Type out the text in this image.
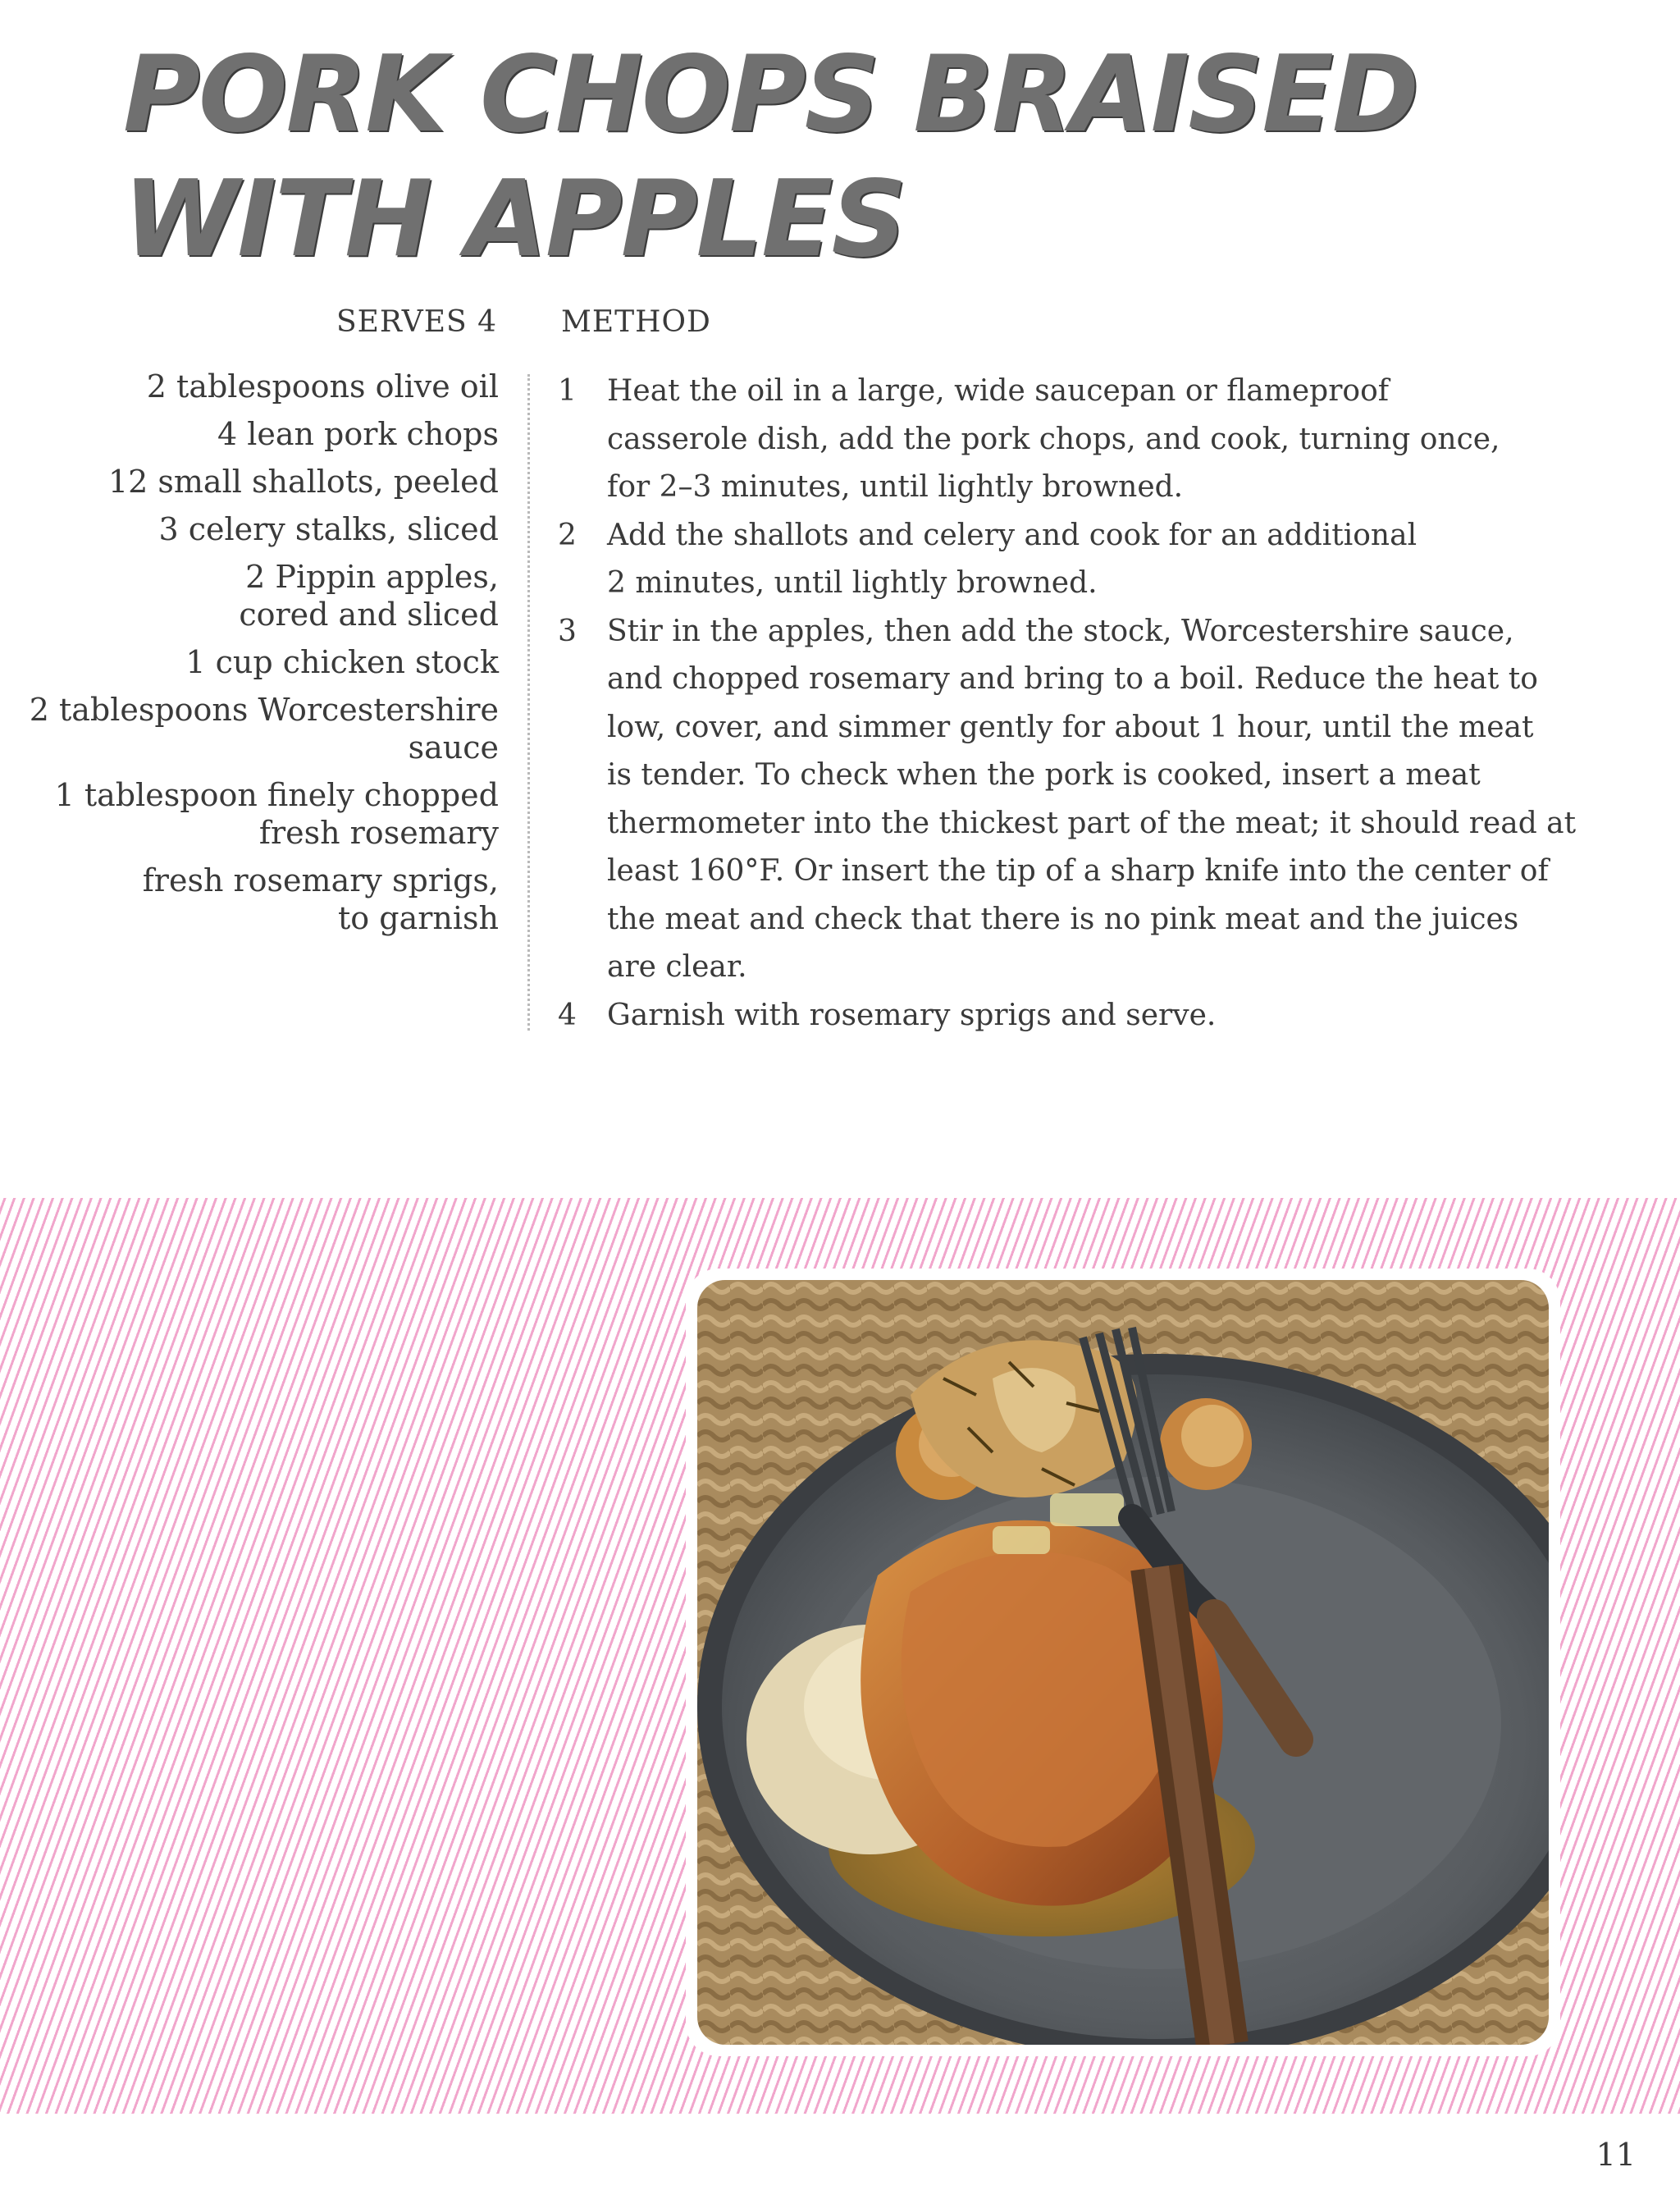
PORK CHOPS BRAISED
WITH APPLES
SERVES 4 METHOD
2 tablespoons olive oil
4 lean pork chops
12 small shallots, peeled
3 celery stalks, sliced
2 Pippin apples,
cored and sliced
1 cup chicken stock
2 tablespoons Worcestershire
sauce
1 tablespoon finely chopped
fresh rosemary
fresh rosemary sprigs,
to garnish
1 Heat the oil in a large, wide saucepan or flameproof
casserole dish, add the pork chops, and cook, turning once,
for 2–3 minutes, until lightly browned.
2 Add the shallots and celery and cook for an additional
2 minutes, until lightly browned.
3 Stir in the apples, then add the stock, Worcestershire sauce,
and chopped rosemary and bring to a boil. Reduce the heat to
low, cover, and simmer gently for about 1 hour, until the meat
is tender. To check when the pork is cooked, insert a meat
thermometer into the thickest part of the meat; it should read at
least 160°F. Or insert the tip of a sharp knife into the center of
the meat and check that there is no pink meat and the juices
are clear.
4 Garnish with rosemary sprigs and serve.
11
